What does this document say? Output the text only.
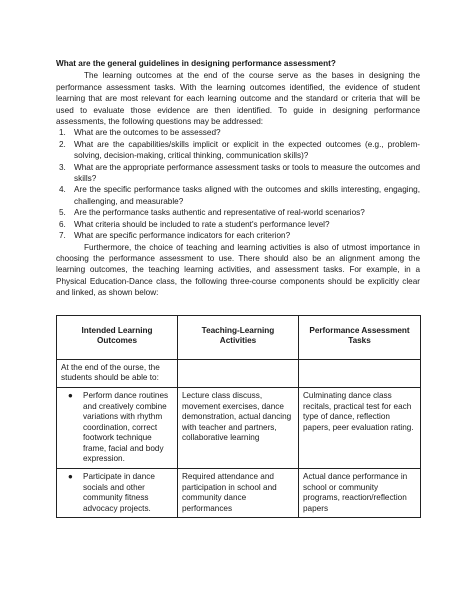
What are the general guidelines in designing performance assessment?

The learning outcomes at the end of the course serve as the bases in designing the performance assessment tasks. With the learning outcomes identified, the evidence of student learning that are most relevant for each learning outcome and the standard or criteria that will be used to evaluate those evidence are then identified. To guide in designing performance assessments, the following questions may be addressed:

1. What are the outcomes to be assessed?
2. What are the capabilities/skills implicit or explicit in the expected outcomes (e.g., problem-solving, decision-making, critical thinking, communication skills)?
3. What are the appropriate performance assessment tasks or tools to measure the outcomes and skills?
4. Are the specific performance tasks aligned with the outcomes and skills interesting, engaging, challenging, and measurable?
5. Are the performance tasks authentic and representative of real-world scenarios?
6. What criteria should be included to rate a student's performance level?
7. What are specific performance indicators for each criterion?

Furthermore, the choice of teaching and learning activities is also of utmost importance in choosing the performance assessment to use. There should also be an alignment among the learning outcomes, the teaching learning activities, and assessment tasks. For example, in a Physical Education-Dance class, the following three-course components should be explicitly clear and linked, as shown below:

Intended Learning Outcomes	Teaching-Learning Activities	Performance Assessment Tasks
At the end of the ourse, the students should be able to:		

● Perform dance routines and creatively combine variations with rhythm coordination, correct footwork technique frame, facial and body expression.	Lecture class discuss, movement exercises, dance demonstration, actual dancing with teacher and partners, collaborative learning	Culminating dance class recitals, practical test for each type of dance, reflection papers, peer evaluation rating.

● Participate in dance socials and other community fitness advocacy projects.	Required attendance and participation in school and community dance performances	Actual dance performance in school or community programs, reaction/reflection papers
